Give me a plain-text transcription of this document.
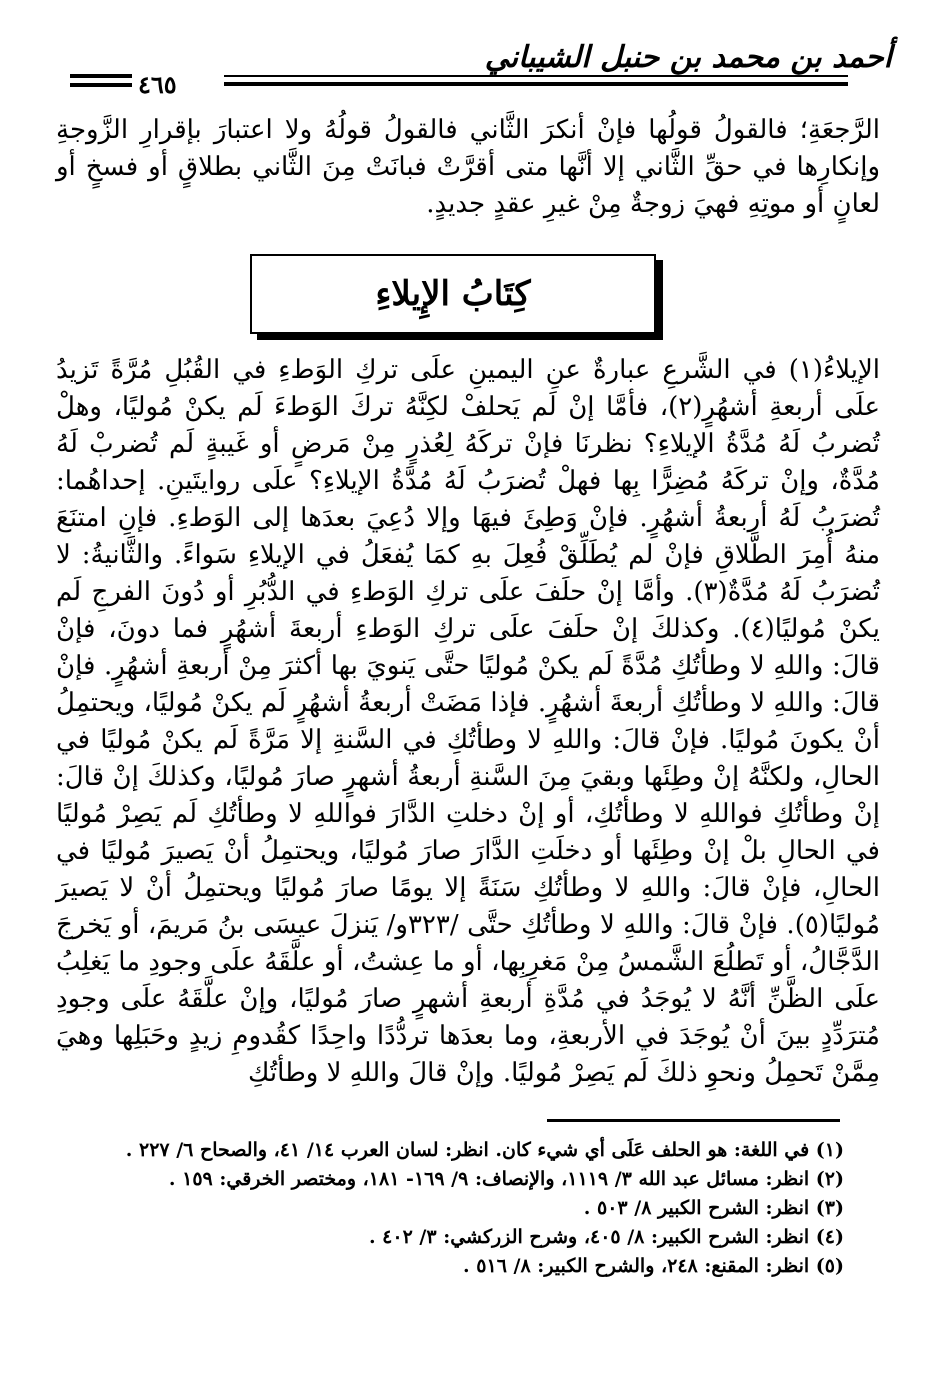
أحمد بن محمد بن حنبل الشيباني
٤٦٥

الرَّجعَةِ؛ فالقولُ قولُها فإنْ أنكرَ الثَّاني فالقولُ قولُهُ ولا اعتبارَ بإقرارِ الزَّوجةِ وإنكارِها في حقِّ الثَّاني إلا أنَّها متى أقرَّتْ فبانَتْ مِنَ الثَّاني بطلاقٍ أو فسخٍ أو لعانٍ أو موتِهِ فهيَ زوجةٌ مِنْ غيرِ عقدٍ جديدٍ.

كِتَابُ الإِيلاءِ

الإيلاءُ(١) في الشَّرعِ عبارةٌ عنِ اليمينِ علَى تركِ الوَطءِ في القُبُلِ مُرَّةً تَزيدُ علَى أربعةِ أشهُرٍ(٢)، فأمَّا إنْ لَم يَحلفْ لكِنَّهُ تركَ الوَطءَ لَم يكنْ مُوليًا، وهلْ تُضربُ لَهُ مُدَّةُ الإيلاءِ؟ نظرنَا فإنْ تركَهُ لِعُذرٍ مِنْ مَرضٍ أو غَيبةٍ لَم تُضربْ لَهُ مُدَّةٌ، وإنْ تركَهُ مُضِرًّا بِها فهلْ تُضرَبُ لَهُ مُدَّةُ الإيلاءِ؟ علَى روايتَينِ. إحداهُما: تُضرَبُ لَهُ أربعةُ أشهُرٍ. فإنْ وَطِئَ فيهَا وإلا دُعِيَ بعدَها إلى الوَطءِ. فإنِ امتنَعَ منهُ أُمِرَ الطَّلاقِ فإنْ لم يُطَلِّقْ فُعِلَ بهِ كمَا يُفعَلُ في الإيلاءِ سَواءً. والثَّانيةُ: لا تُضرَبُ لَهُ مُدَّةٌ(٣). وأمَّا إنْ حلَفَ علَى تركِ الوَطءِ في الدُّبُرِ أو دُونَ الفرجِ لَم يكنْ مُوليًا(٤). وكذلكَ إنْ حلَفَ علَى تركِ الوَطءِ أربعةَ أشهُرٍ فما دونَ، فإنْ قالَ: واللهِ لا وطأتُكِ مُدَّةً لَم يكنْ مُوليًا حتَّى يَنويَ بها أكثرَ مِنْ أربعةِ أشهُرٍ. فإنْ قالَ: واللهِ لا وطأتُكِ أربعةَ أشهُرٍ. فإذا مَضَتْ أربعةُ أشهُرٍ لَم يكنْ مُوليًا، ويحتمِلُ أنْ يكونَ مُوليًا. فإنْ قالَ: واللهِ لا وطأتُكِ في السَّنةِ إلا مَرَّةً لَم يكنْ مُوليًا في الحالِ، ولكنَّهُ إنْ وطِئَها وبقيَ مِنَ السَّنةِ أربعةُ أشهرٍ صارَ مُوليًا، وكذلكَ إنْ قالَ: إنْ وطأتُكِ فواللهِ لا وطأتُكِ، أو إنْ دخلتِ الدَّارَ فواللهِ لا وطأتُكِ لَم يَصِرْ مُوليًا في الحالِ بلْ إنْ وطِئَها أو دخلَتِ الدَّارَ صارَ مُوليًا، ويحتمِلُ أنْ يَصيرَ مُوليًا في الحالِ، فإنْ قالَ: واللهِ لا وطأتُكِ سَنَةً إلا يومًا صارَ مُوليًا ويحتمِلُ أنْ لا يَصيرَ مُوليًا(٥). فإنْ قالَ: واللهِ لا وطأتُكِ حتَّى /٣٢٣و/ يَنزلَ عيسَى بنُ مَريمَ، أو يَخرجَ الدَّجَّالُ، أو تَطلُعَ الشَّمسُ مِنْ مَغرِبِها، أو ما عِشتُ، أو علَّقَهُ علَى وجودِ ما يَغلِبُ علَى الظَّنِّ أنَّهُ لا يُوجَدُ في مُدَّةِ أربعةِ أشهرٍ صارَ مُوليًا، وإنْ علَّقَهُ علَى وجودِ مُترَدِّدٍ بينَ أنْ يُوجَدَ في الأربعةِ، وما بعدَها تردُّدًا واحِدًا كقُدومِ زيدٍ وحَبَلِها وهيَ مِمَّنْ تَحمِلُ ونحوِ ذلكَ لَم يَصِرْ مُوليًا. وإنْ قالَ واللهِ لا وطأتُكِ

(١) في اللغة: هو الحلف عَلَى أي شيء كان. انظر: لسان العرب ١٤/ ٤١، والصحاح ٦/ ٢٢٧ .
(٢) انظر: مسائل عبد الله ٣/ ١١١٩، والإنصاف: ٩/ ١٦٩- ١٨١، ومختصر الخرقي: ١٥٩ .
(٣) انظر: الشرح الكبير ٨/ ٥٠٣ .
(٤) انظر: الشرح الكبير: ٨/ ٤٠٥، وشرح الزركشي: ٣/ ٤٠٢ .
(٥) انظر: المقنع: ٢٤٨، والشرح الكبير: ٨/ ٥١٦ .
